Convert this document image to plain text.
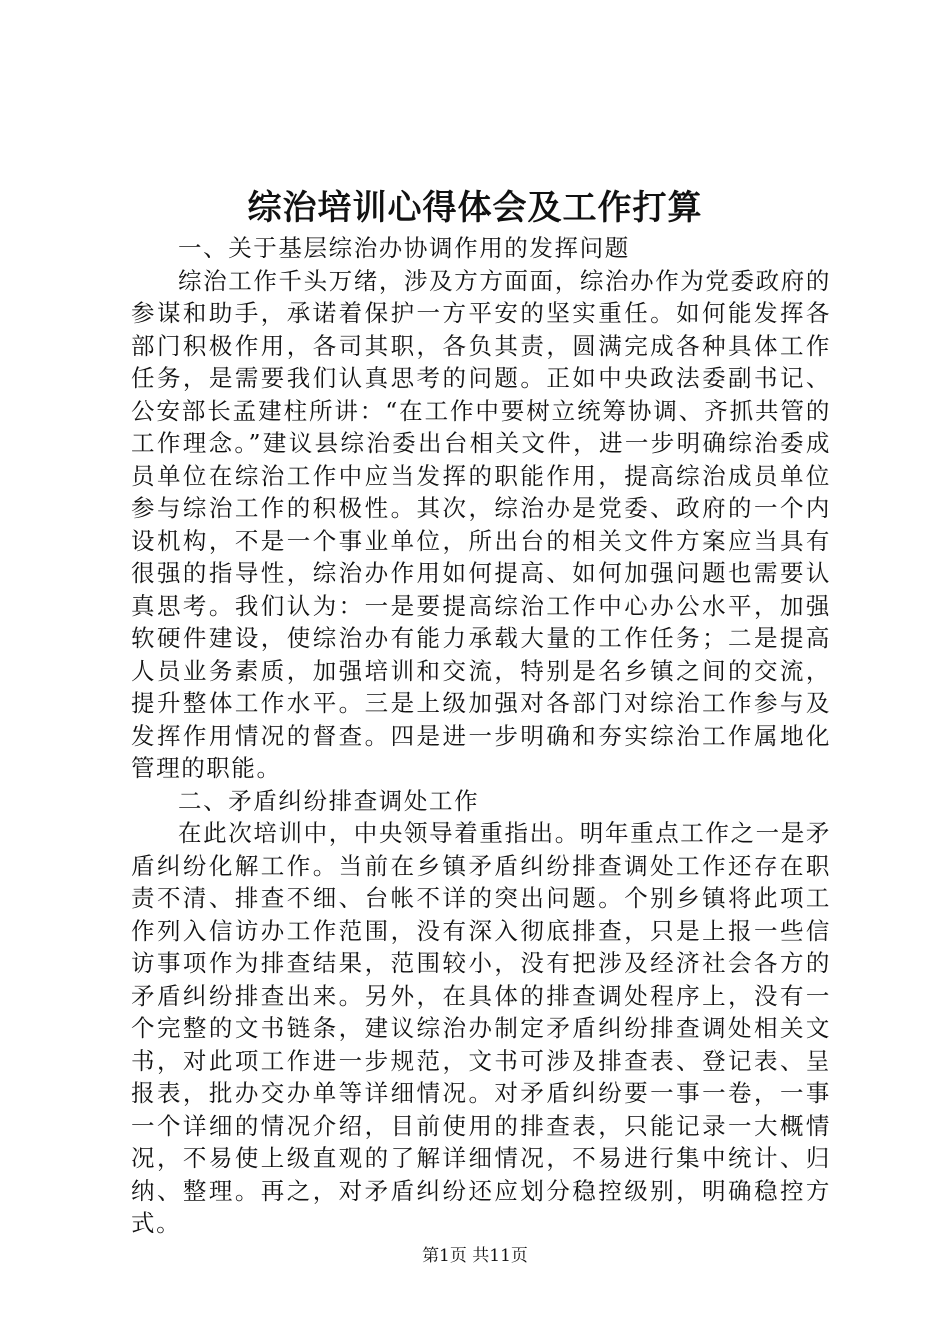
综治培训心得体会及工作打算

一、关于基层综治办协调作用的发挥问题

综治工作千头万绪，涉及方方面面，综治办作为党委政府的参谋和助手，承诺着保护一方平安的坚实重任。如何能发挥各部门积极作用，各司其职，各负其责，圆满完成各种具体工作任务，是需要我们认真思考的问题。正如中央政法委副书记、公安部长孟建柱所讲：“在工作中要树立统筹协调、齐抓共管的工作理念。”建议县综治委出台相关文件，进一步明确综治委成员单位在综治工作中应当发挥的职能作用，提高综治成员单位参与综治工作的积极性。其次，综治办是党委、政府的一个内设机构，不是一个事业单位，所出台的相关文件方案应当具有很强的指导性，综治办作用如何提高、如何加强问题也需要认真思考。我们认为：一是要提高综治工作中心办公水平，加强软硬件建设，使综治办有能力承载大量的工作任务；二是提高人员业务素质，加强培训和交流，特别是名乡镇之间的交流，提升整体工作水平。三是上级加强对各部门对综治工作参与及发挥作用情况的督查。四是进一步明确和夯实综治工作属地化管理的职能。

二、矛盾纠纷排查调处工作

在此次培训中，中央领导着重指出。明年重点工作之一是矛盾纠纷化解工作。当前在乡镇矛盾纠纷排查调处工作还存在职责不清、排查不细、台帐不详的突出问题。个别乡镇将此项工作列入信访办工作范围，没有深入彻底排查，只是上报一些信访事项作为排查结果，范围较小，没有把涉及经济社会各方的矛盾纠纷排查出来。另外，在具体的排查调处程序上，没有一个完整的文书链条，建议综治办制定矛盾纠纷排查调处相关文书，对此项工作进一步规范，文书可涉及排查表、登记表、呈报表，批办交办单等详细情况。对矛盾纠纷要一事一卷，一事一个详细的情况介绍，目前使用的排查表，只能记录一大概情况，不易使上级直观的了解详细情况，不易进行集中统计、归纳、整理。再之，对矛盾纠纷还应划分稳控级别，明确稳控方式。

第1页 共11页
